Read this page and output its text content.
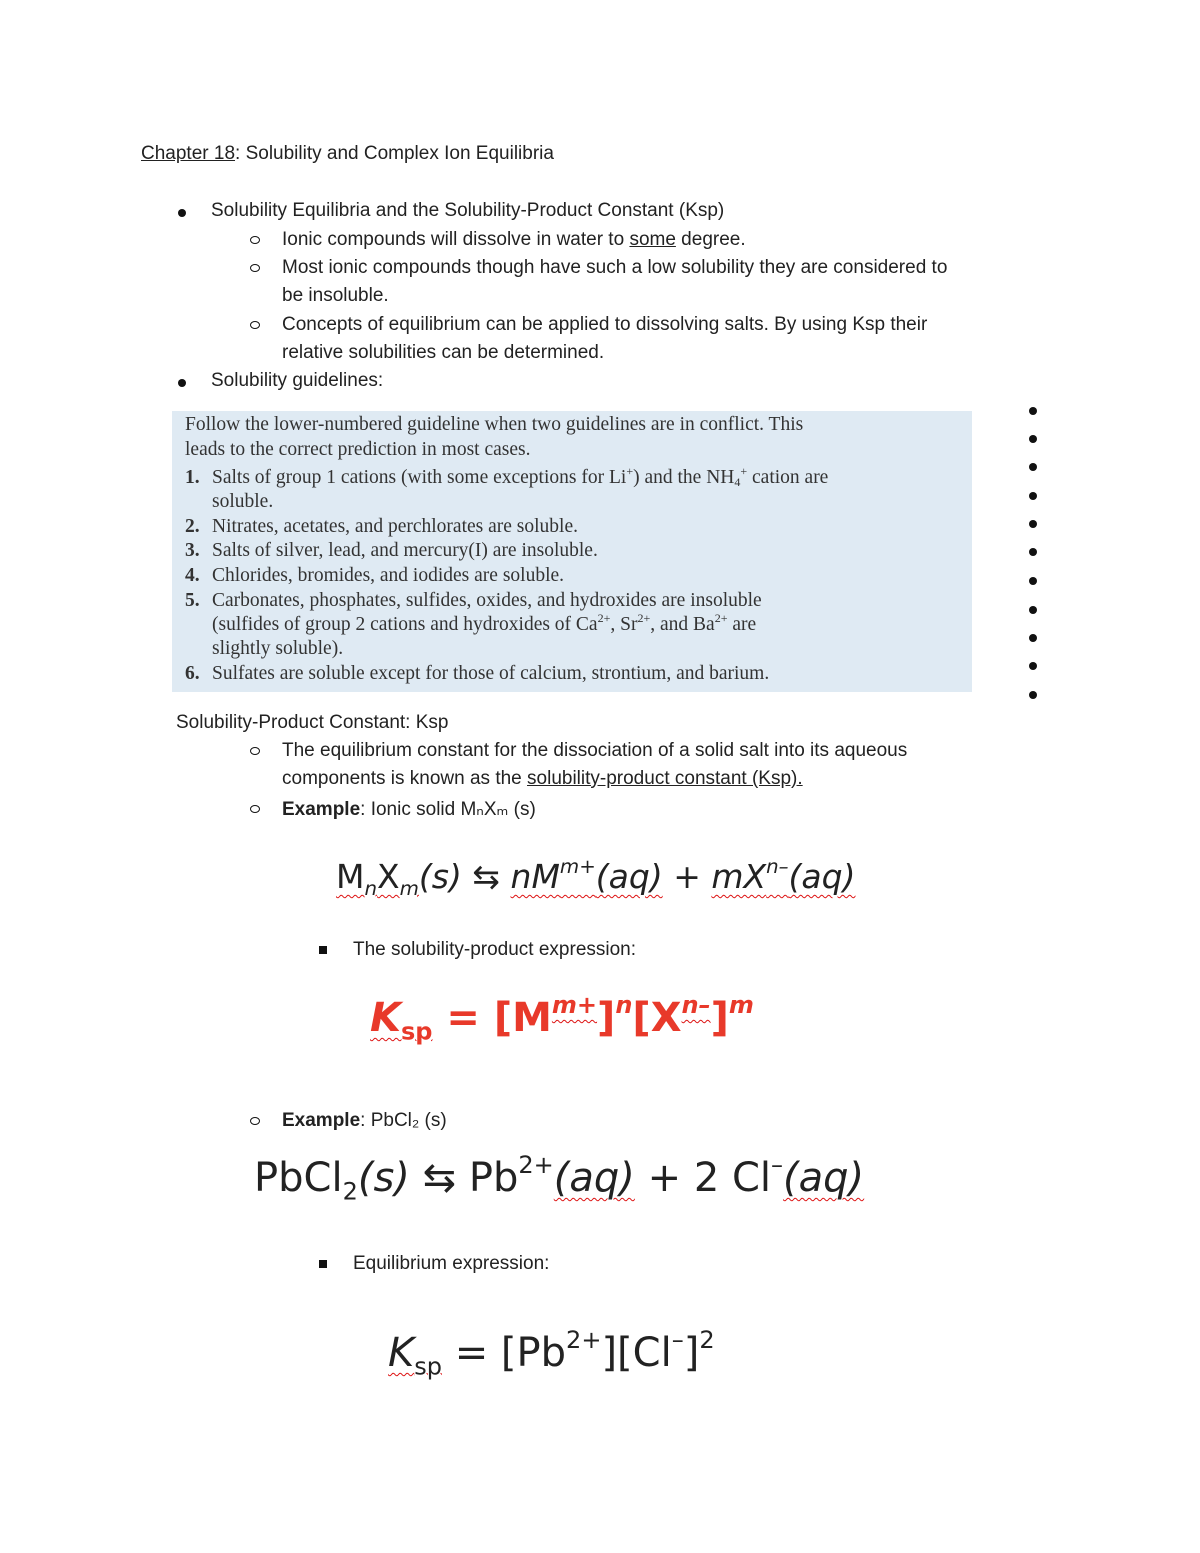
Chapter 18: Solubility and Complex Ion Equilibria
Solubility Equilibria and the Solubility-Product Constant (Ksp)
Ionic compounds will dissolve in water to some degree.
Most ionic compounds though have such a low solubility they are considered to
be insoluble.
Concepts of equilibrium can be applied to dissolving salts. By using Ksp their
relative solubilities can be determined.
Solubility guidelines:
Follow the lower-numbered guideline when two guidelines are in conflict. This
leads to the correct prediction in most cases.
1. Salts of group 1 cations (with some exceptions for Li+) and the $NH_4^+$ cation are
soluble.
2. Nitrates, acetates, and perchlorates are soluble.
3. Salts of silver, lead, and mercury(I) are insoluble.
4. Chlorides, bromides, and iodides are soluble.
5. Carbonates, phosphates, sulfides, oxides, and hydroxides are insoluble
(sulfides of group 2 cations and hydroxides of $Ca^{2+}$, $Sr^{2+}$, and $Ba^{2+}$ are
slightly soluble).
6. Sulfates are soluble except for those of calcium, strontium, and barium.
Solubility-Product Constant: Ksp
The equilibrium constant for the dissociation of a solid salt into its aqueous
components is known as the solubility-product constant (Ksp).
Example: Ionic solid MₙXₘ (s)
$M_nX_m(s)$ ⇆ $nM^{m+}(aq) + mX^{n-}(aq)$
The solubility-product expression:
$K_{sp} = [M^{m+}]^n[X^{n-}]^m$
Example: PbCl₂ (s)
PbCl$_2$(s) ⇆ $Pb^{2+}(aq) + 2$ Cl–(aq)
Equilibrium expression:
$K_{sp} = [Pb^{2+}][Cl^-]^2$
